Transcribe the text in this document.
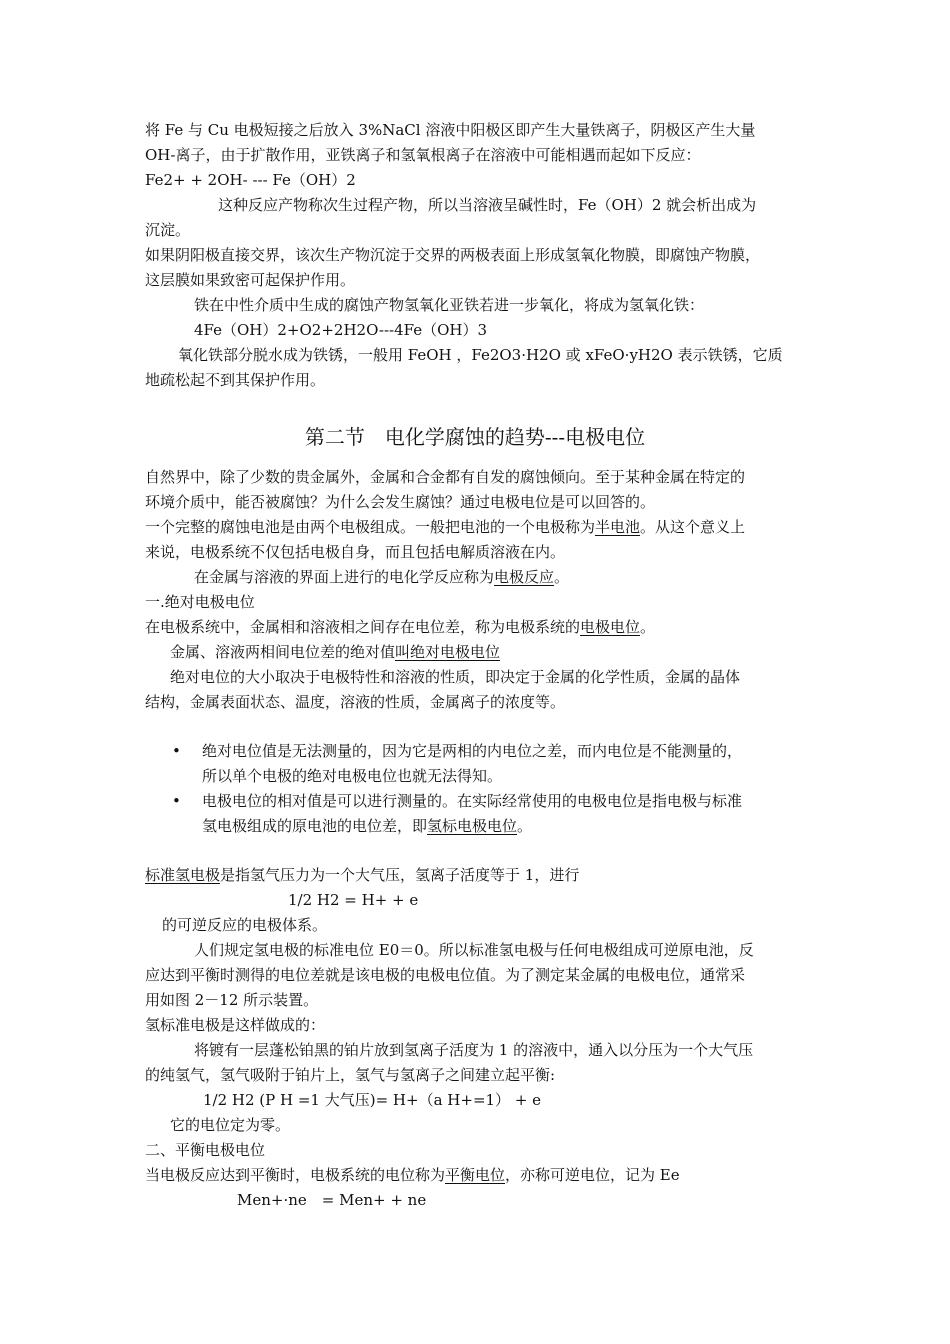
将 Fe 与 Cu 电极短接之后放入 3%NaCl 溶液中阳极区即产生大量铁离子，阴极区产生大量
OH-离子，由于扩散作用，亚铁离子和氢氧根离子在溶液中可能相遇而起如下反应：
Fe2+ + 2OH- --- Fe（OH）2
这种反应产物称次生过程产物，所以当溶液呈碱性时，Fe（OH）2 就会析出成为
沉淀。
如果阴阳极直接交界，该次生产物沉淀于交界的两极表面上形成氢氧化物膜，即腐蚀产物膜，
这层膜如果致密可起保护作用。
铁在中性介质中生成的腐蚀产物氢氧化亚铁若进一步氧化，将成为氢氧化铁：
4Fe（OH）2+O2+2H2O---4Fe（OH）3
氧化铁部分脱水成为铁锈，一般用 FeOH ，Fe2O3·H2O 或 xFeO·yH2O 表示铁锈，它质
地疏松起不到其保护作用。
第二节　电化学腐蚀的趋势---电极电位
自然界中，除了少数的贵金属外，金属和合金都有自发的腐蚀倾向。至于某种金属在特定的
环境介质中，能否被腐蚀？为什么会发生腐蚀？通过电极电位是可以回答的。
一个完整的腐蚀电池是由两个电极组成。一般把电池的一个电极称为半电池。从这个意义上
来说，电极系统不仅包括电极自身，而且包括电解质溶液在内。
在金属与溶液的界面上进行的电化学反应称为电极反应。
一.绝对电极电位
在电极系统中，金属相和溶液相之间存在电位差，称为电极系统的电极电位。
金属、溶液两相间电位差的绝对值叫绝对电极电位
绝对电位的大小取决于电极特性和溶液的性质，即决定于金属的化学性质，金属的晶体
结构，金属表面状态、温度，溶液的性质，金属离子的浓度等。
• 绝对电位值是无法测量的，因为它是两相的内电位之差，而内电位是不能测量的，
所以单个电极的绝对电极电位也就无法得知。
• 电极电位的相对值是可以进行测量的。在实际经常使用的电极电位是指电极与标准
氢电极组成的原电池的电位差，即氢标电极电位。
标准氢电极是指氢气压力为一个大气压，氢离子活度等于 1，进行
1/2 H2 = H+ + e
的可逆反应的电极体系。
人们规定氢电极的标准电位 E0＝0。所以标准氢电极与任何电极组成可逆原电池，反
应达到平衡时测得的电位差就是该电极的电极电位值。为了测定某金属的电极电位，通常采
用如图 2－12 所示装置。
氢标准电极是这样做成的：
将镀有一层蓬松铂黑的铂片放到氢离子活度为 1 的溶液中，通入以分压为一个大气压
的纯氢气，氢气吸附于铂片上，氢气与氢离子之间建立起平衡:
1/2 H2 (P H =1 大气压)= H+（a H+=1） + e
它的电位定为零。
二、平衡电极电位
当电极反应达到平衡时，电极系统的电位称为平衡电位，亦称可逆电位，记为 Ee
Men+·ne　= Men+ + ne
